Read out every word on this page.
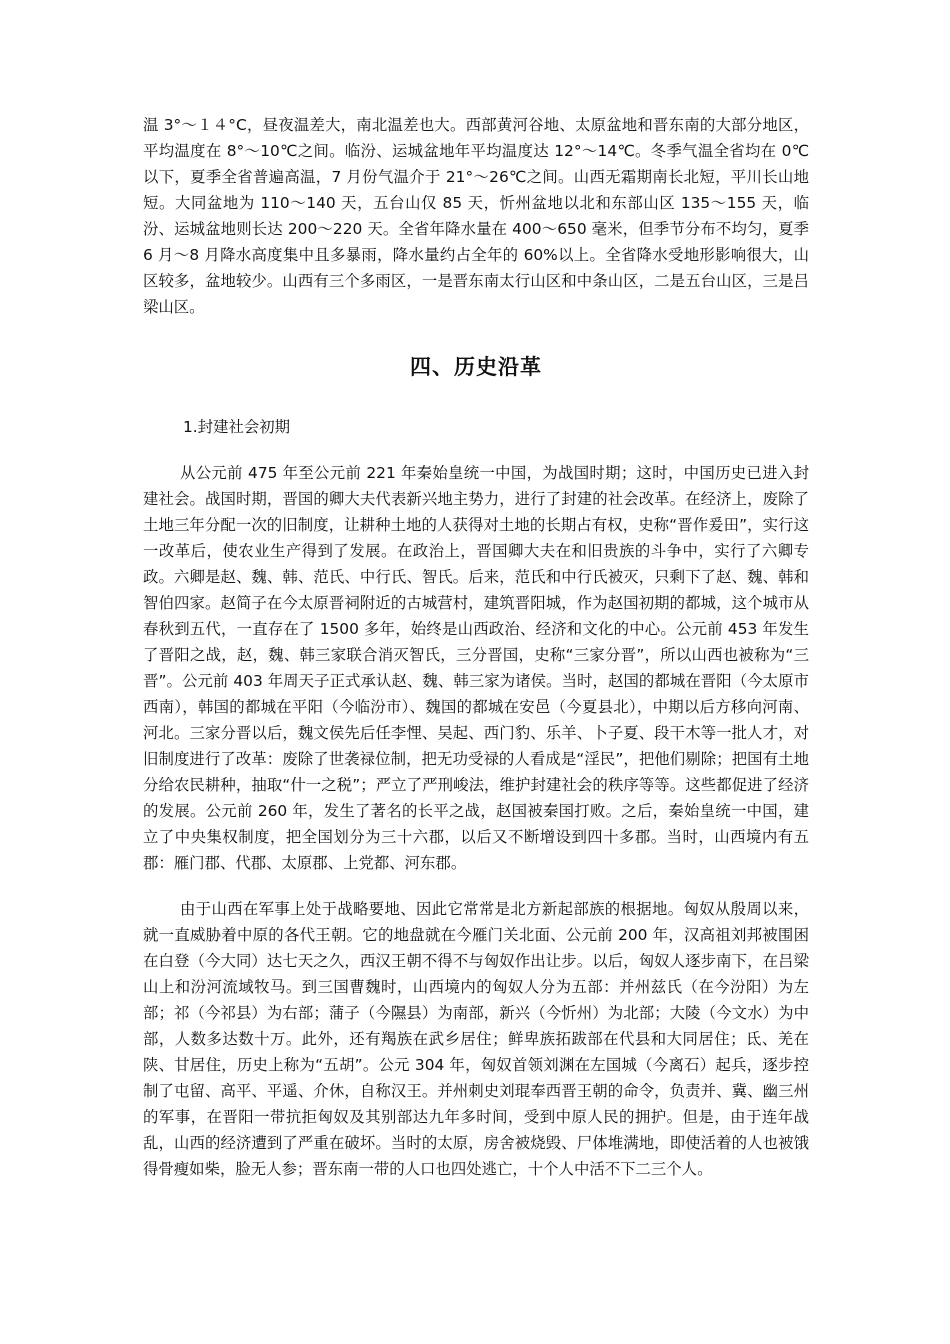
温 3°～１４°C，昼夜温差大，南北温差也大。西部黄河谷地、太原盆地和晋东南的大部分地区，平均温度在 8°～10℃之间。临汾、运城盆地年平均温度达 12°～14℃。冬季气温全省均在 0℃以下，夏季全省普遍高温，7 月份气温介于 21°～26℃之间。山西无霜期南长北短，平川长山地短。大同盆地为 110～140 天，五台山仅 85 天，忻州盆地以北和东部山区 135～155 天，临汾、运城盆地则长达 200～220 天。全省年降水量在 400～650 毫米，但季节分布不均匀，夏季 6 月～8 月降水高度集中且多暴雨，降水量约占全年的 60%以上。全省降水受地形影响很大，山区较多，盆地较少。山西有三个多雨区，一是晋东南太行山区和中条山区，二是五台山区，三是吕梁山区。

四、历史沿革

1.封建社会初期

从公元前 475 年至公元前 221 年秦始皇统一中国，为战国时期；这时，中国历史已进入封建社会。战国时期，晋国的卿大夫代表新兴地主势力，进行了封建的社会改革。在经济上，废除了土地三年分配一次的旧制度，让耕种土地的人获得对土地的长期占有权，史称“晋作爰田”，实行这一改革后，使农业生产得到了发展。在政治上，晋国卿大夫在和旧贵族的斗争中，实行了六卿专政。六卿是赵、魏、韩、范氏、中行氏、智氏。后来，范氏和中行氏被灭，只剩下了赵、魏、韩和智伯四家。赵简子在今太原晋祠附近的古城营村，建筑晋阳城，作为赵国初期的都城，这个城市从春秋到五代，一直存在了 1500 多年，始终是山西政治、经济和文化的中心。公元前 453 年发生了晋阳之战，赵，魏、韩三家联合消灭智氏，三分晋国，史称“三家分晋”，所以山西也被称为“三晋”。公元前 403 年周天子正式承认赵、魏、韩三家为诸侯。当时，赵国的都城在晋阳（今太原市西南），韩国的都城在平阳（今临汾市）、魏国的都城在安邑（今夏县北），中期以后方移向河南、河北。三家分晋以后，魏文侯先后任李悝、吴起、西门豹、乐羊、卜子夏、段干木等一批人才，对旧制度进行了改革：废除了世袭禄位制，把无功受禄的人看成是“淫民”，把他们剔除；把国有土地分给农民耕种，抽取“什一之税”；严立了严刑峻法，维护封建社会的秩序等等。这些都促进了经济的发展。公元前 260 年，发生了著名的长平之战，赵国被秦国打败。之后，秦始皇统一中国，建立了中央集权制度，把全国划分为三十六郡，以后又不断增设到四十多郡。当时，山西境内有五郡：雁门郡、代郡、太原郡、上党都、河东郡。

由于山西在军事上处于战略要地、因此它常常是北方新起部族的根据地。匈奴从殷周以来，就一直威胁着中原的各代王朝。它的地盘就在今雁门关北面、公元前 200 年，汉高祖刘邦被围困在白登（今大同）达七天之久，西汉王朝不得不与匈奴作出让步。以后，匈奴人逐步南下，在吕梁山上和汾河流域牧马。到三国曹魏时，山西境内的匈奴人分为五部：并州兹氏（在今汾阳）为左部；祁（今祁县）为右部；蒲子（今隰县）为南部，新兴（今忻州）为北部；大陵（今文水）为中部，人数多达数十万。此外，还有羯族在武乡居住；鲜卑族拓跋部在代县和大同居住；氐、羌在陕、甘居住，历史上称为“五胡”。公元 304 年，匈奴首领刘渊在左国城（今离石）起兵，逐步控制了屯留、高平、平遥、介休，自称汉王。并州刺史刘琨奉西晋王朝的命令，负责并、冀、幽三州的军事，在晋阳一带抗拒匈奴及其别部达九年多时间，受到中原人民的拥护。但是，由于连年战乱，山西的经济遭到了严重在破坏。当时的太原，房舍被烧毁、尸体堆满地，即使活着的人也被饿得骨瘦如柴，脸无人参；晋东南一带的人口也四处逃亡，十个人中活不下二三个人。
